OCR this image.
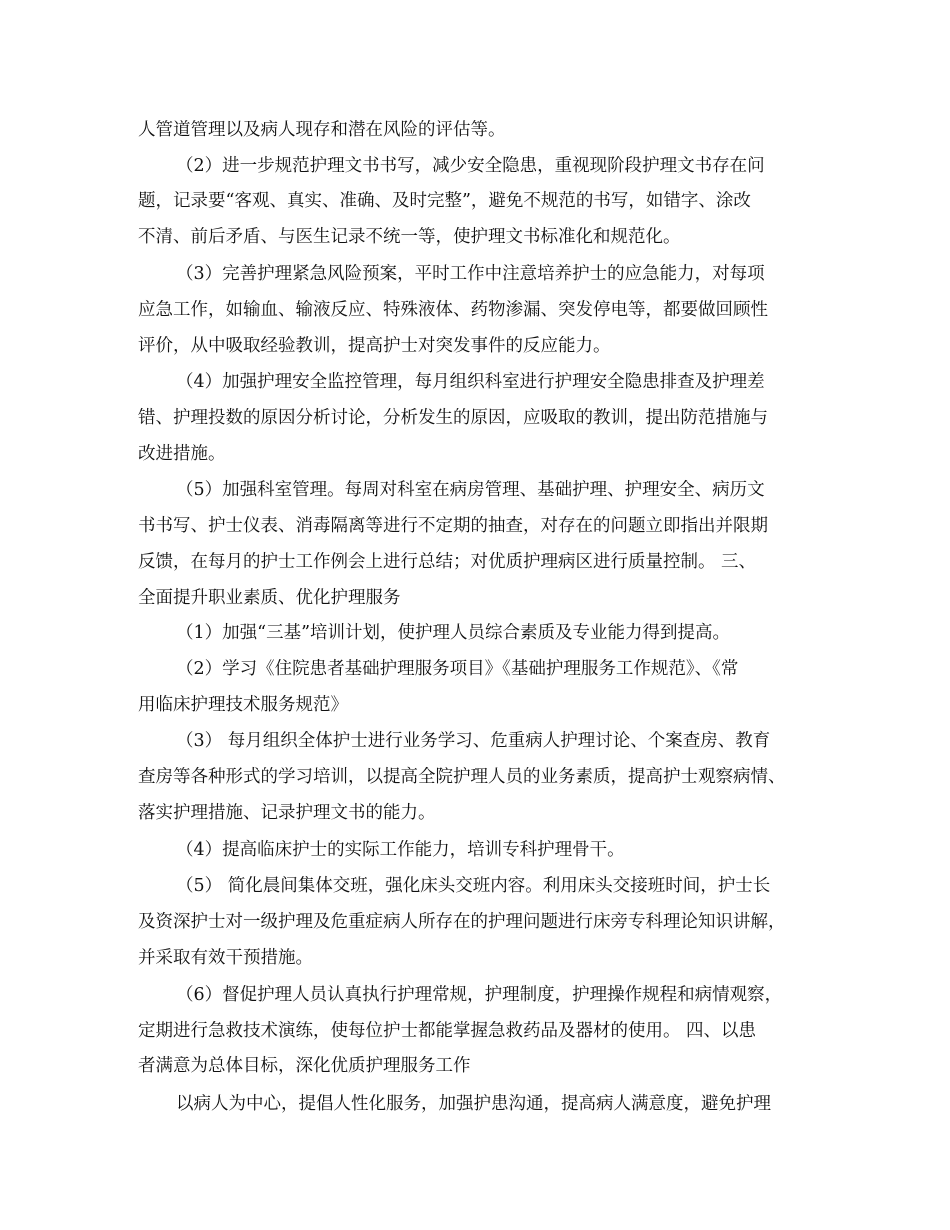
人管道管理以及病人现存和潜在风险的评估等。
（2）进一步规范护理文书书写，减少安全隐患，重视现阶段护理文书存在问
题，记录要“客观、真实、准确、及时完整”，避免不规范的书写，如错字、涂改
不清、前后矛盾、与医生记录不统一等，使护理文书标准化和规范化。
（3）完善护理紧急风险预案，平时工作中注意培养护士的应急能力，对每项
应急工作，如输血、输液反应、特殊液体、药物渗漏、突发停电等，都要做回顾性
评价，从中吸取经验教训，提高护士对突发事件的反应能力。
（4）加强护理安全监控管理，每月组织科室进行护理安全隐患排查及护理差
错、护理投数的原因分析讨论，分析发生的原因，应吸取的教训，提出防范措施与
改进措施。
（5）加强科室管理。每周对科室在病房管理、基础护理、护理安全、病历文
书书写、护士仪表、消毒隔离等进行不定期的抽查，对存在的问题立即指出并限期
反馈，在每月的护士工作例会上进行总结；对优质护理病区进行质量控制。 三、
全面提升职业素质、优化护理服务
（1）加强“三基”培训计划，使护理人员综合素质及专业能力得到提高。
（2）学习《住院患者基础护理服务项目》《基础护理服务工作规范》、《常
用临床护理技术服务规范》
（3） 每月组织全体护士进行业务学习、危重病人护理讨论、个案查房、教育
查房等各种形式的学习培训，以提高全院护理人员的业务素质，提高护士观察病情、
落实护理措施、记录护理文书的能力。
（4）提高临床护士的实际工作能力，培训专科护理骨干。
（5） 简化晨间集体交班，强化床头交班内容。利用床头交接班时间，护士长
及资深护士对一级护理及危重症病人所存在的护理问题进行床旁专科理论知识讲解，
并采取有效干预措施。
（6）督促护理人员认真执行护理常规，护理制度，护理操作规程和病情观察，
定期进行急救技术演练，使每位护士都能掌握急救药品及器材的使用。 四、以患
者满意为总体目标，深化优质护理服务工作
以病人为中心，提倡人性化服务，加强护患沟通，提高病人满意度，避免护理
